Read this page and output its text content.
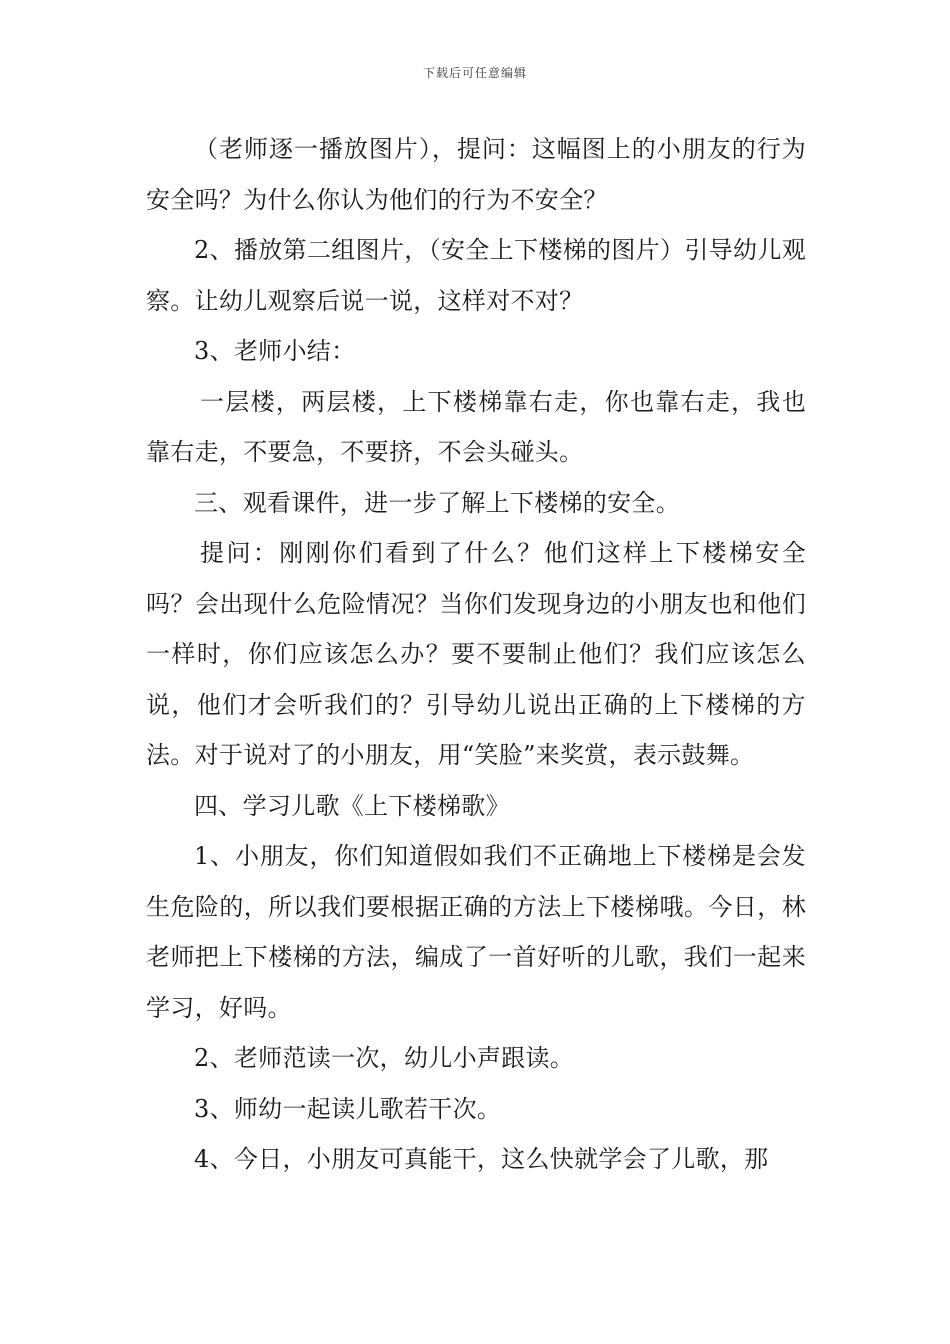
下载后可任意编辑

（老师逐一播放图片），提问：这幅图上的小朋友的行为安全吗？为什么你认为他们的行为不安全？

2、播放第二组图片，（安全上下楼梯的图片）引导幼儿观察。让幼儿观察后说一说，这样对不对？

3、老师小结：

一层楼，两层楼，上下楼梯靠右走，你也靠右走，我也靠右走，不要急，不要挤，不会头碰头。

三、观看课件，进一步了解上下楼梯的安全。

提问：刚刚你们看到了什么？他们这样上下楼梯安全吗？会出现什么危险情况？当你们发现身边的小朋友也和他们一样时，你们应该怎么办？要不要制止他们？我们应该怎么说，他们才会听我们的？引导幼儿说出正确的上下楼梯的方法。对于说对了的小朋友，用“笑脸”来奖赏，表示鼓舞。

四、学习儿歌《上下楼梯歌》

1、小朋友，你们知道假如我们不正确地上下楼梯是会发生危险的，所以我们要根据正确的方法上下楼梯哦。今日，林老师把上下楼梯的方法，编成了一首好听的儿歌，我们一起来学习，好吗。

2、老师范读一次，幼儿小声跟读。

3、师幼一起读儿歌若干次。

4、今日，小朋友可真能干，这么快就学会了儿歌，那
